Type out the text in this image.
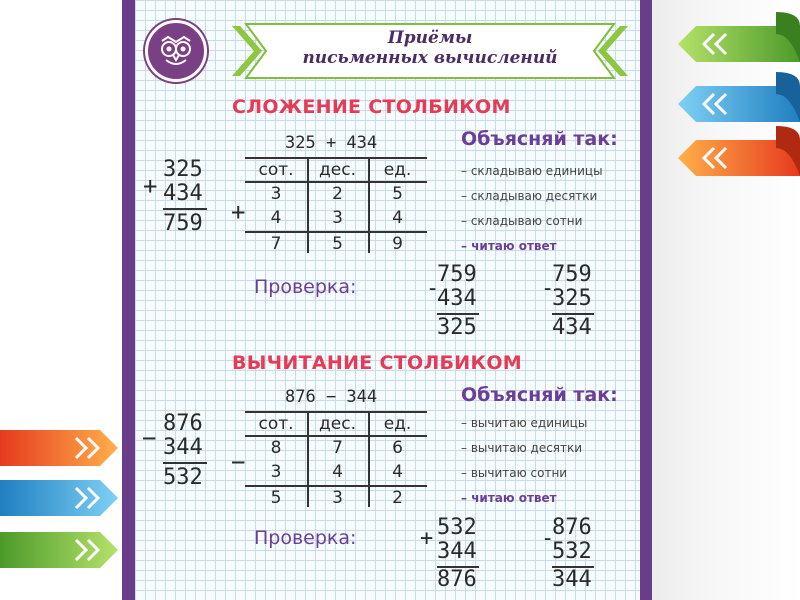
Приёмы
письменных вычислений
СЛОЖЕНИЕ СТОЛБИКОМ
+
325
434
759
325 + 434
сот.	дес.	ед.
+
3	2	5
4	3	4
7	5	9
Объясняй так:
– складываю единицы
– складываю десятки
– складываю сотни
– читаю ответ
Проверка:	-
759
434
325
-
759
325
434
ВЫЧИТАНИЕ СТОЛБИКОМ
−
876
344
532
876 − 344
сот.	дес.	ед.
−	8	7	6
3	4	4
5	3	2
Объясняй так:
– вычитаю единицы
– вычитаю десятки
– вычитаю сотни
– читаю ответ
Проверка:	+ 532
344
876
-
876
532
344
